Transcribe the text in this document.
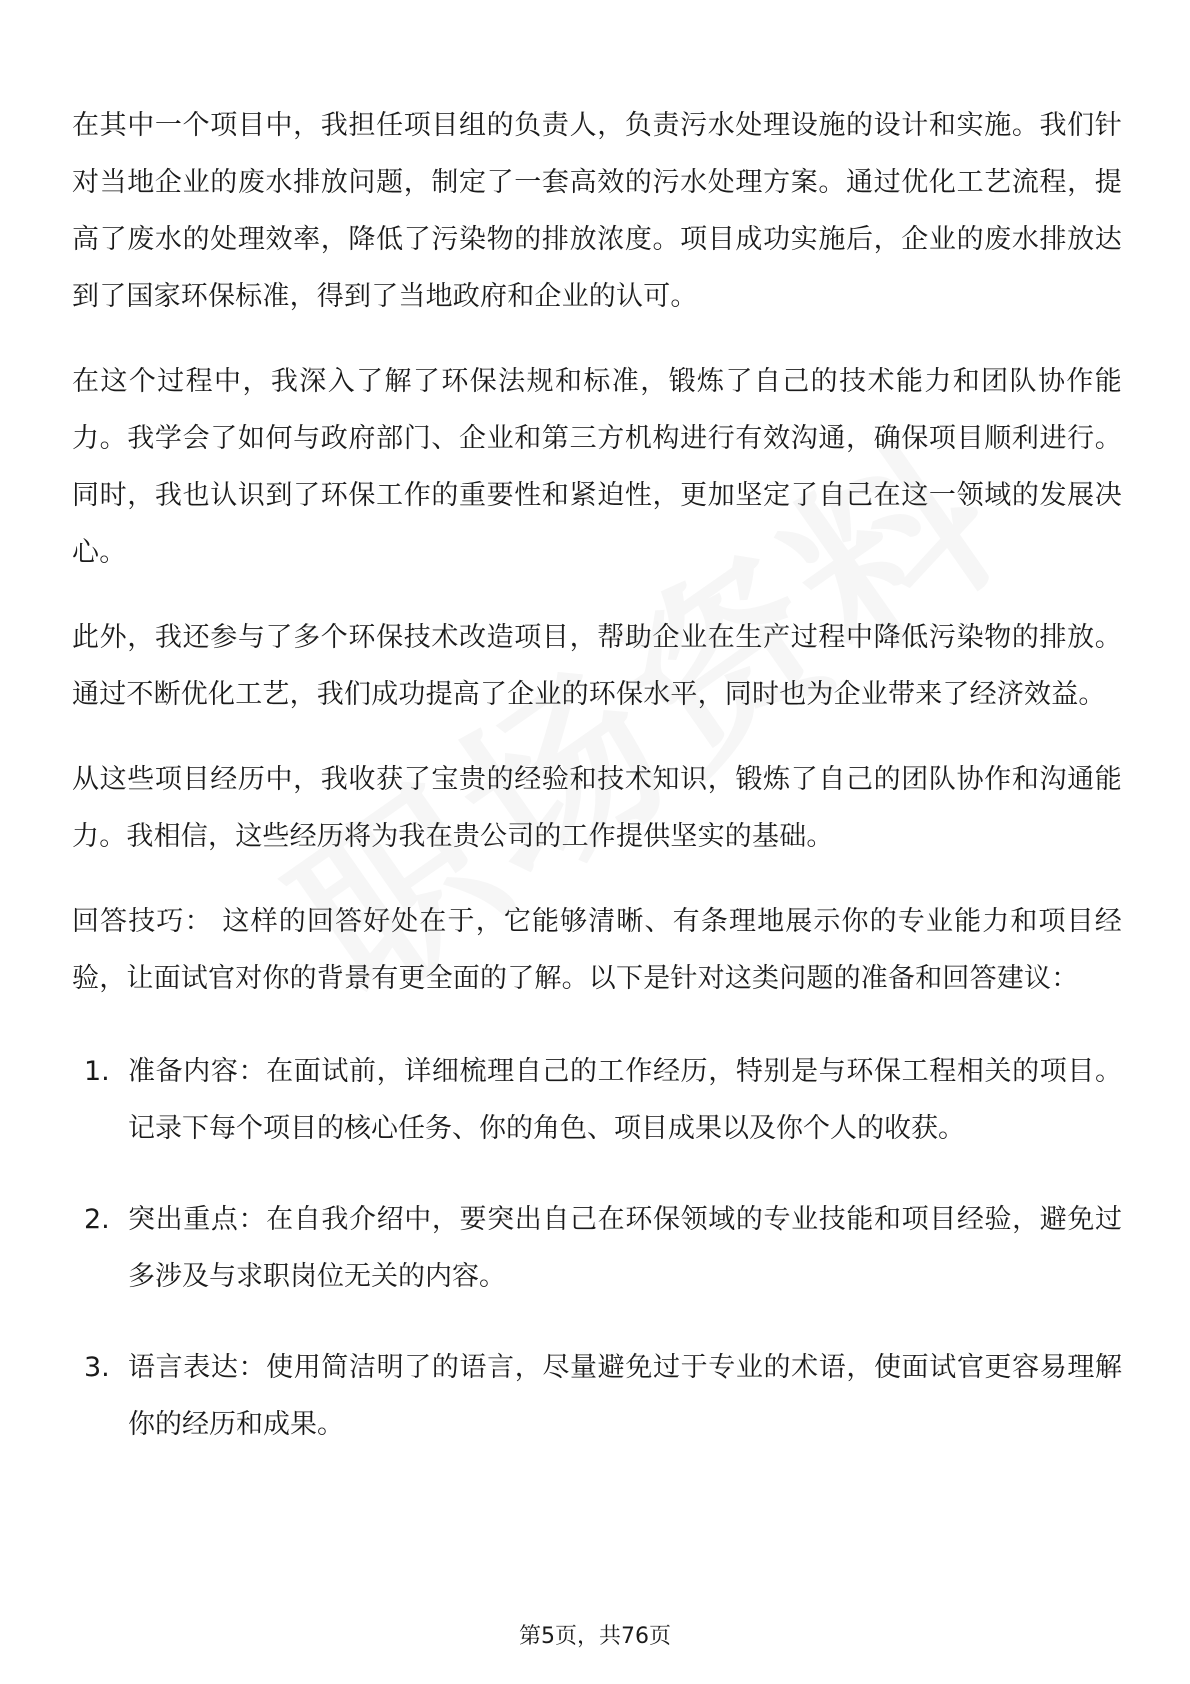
在其中一个项目中，我担任项目组的负责人，负责污水处理设施的设计和实施。我们针对当地企业的废水排放问题，制定了一套高效的污水处理方案。通过优化工艺流程，提高了废水的处理效率，降低了污染物的排放浓度。项目成功实施后，企业的废水排放达到了国家环保标准，得到了当地政府和企业的认可。

在这个过程中，我深入了解了环保法规和标准，锻炼了自己的技术能力和团队协作能力。我学会了如何与政府部门、企业和第三方机构进行有效沟通，确保项目顺利进行。同时，我也认识到了环保工作的重要性和紧迫性，更加坚定了自己在这一领域的发展决心。

此外，我还参与了多个环保技术改造项目，帮助企业在生产过程中降低污染物的排放。通过不断优化工艺，我们成功提高了企业的环保水平，同时也为企业带来了经济效益。

从这些项目经历中，我收获了宝贵的经验和技术知识，锻炼了自己的团队协作和沟通能力。我相信，这些经历将为我在贵公司的工作提供坚实的基础。

回答技巧： 这样的回答好处在于，它能够清晰、有条理地展示你的专业能力和项目经验，让面试官对你的背景有更全面的了解。以下是针对这类问题的准备和回答建议：

1. 准备内容：在面试前，详细梳理自己的工作经历，特别是与环保工程相关的项目。记录下每个项目的核心任务、你的角色、项目成果以及你个人的收获。
2. 突出重点：在自我介绍中，要突出自己在环保领域的专业技能和项目经验，避免过多涉及与求职岗位无关的内容。
3. 语言表达：使用简洁明了的语言，尽量避免过于专业的术语，使面试官更容易理解你的经历和成果。
第5页，共76页
